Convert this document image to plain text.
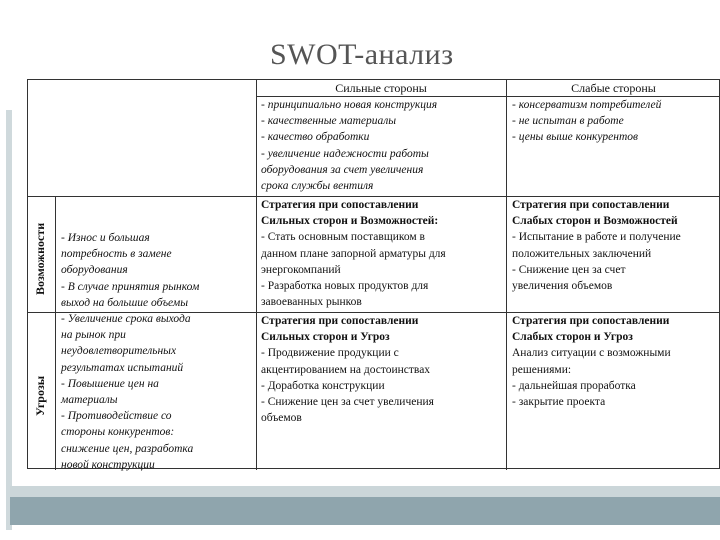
SWOT-анализ
Сильные стороны	Слабые стороны
Возможности
Угрозы
- принципиально новая конструкция
- качественные материалы
- качество обработки
- увеличение надежности работы
оборудования за счет увеличения
срока службы вентиля
- консерватизм потребителей
- не испытан в работе
- цены выше конкурентов
- Износ и большая
потребность в замене
оборудования
- В случае принятия рынком
выход на большие объемы
- Увеличение срока выхода
на рынок при
неудовлетворительных
результатах испытаний
- Повышение цен на
материалы
- Противодействие со
стороны конкурентов:
снижение цен, разработка
новой конструкции
Стратегия при сопоставлении
Сильных сторон и Возможностей:
- Стать основным поставщиком в
данном плане запорной арматуры для
энергокомпаний
- Разработка новых продуктов для
завоеванных рынков
Стратегия при сопоставлении
Слабых сторон и Возможностей
- Испытание в работе и получение
положительных заключений
- Снижение цен за счет
увеличения объемов
Стратегия при сопоставлении
Сильных сторон и Угроз
- Продвижение продукции с
акцентированием на достоинствах
- Доработка конструкции
- Снижение цен за счет увеличения
объемов
Стратегия при сопоставлении
Слабых сторон и Угроз
Анализ ситуации с возможными
решениями:
- дальнейшая проработка
- закрытие проекта
